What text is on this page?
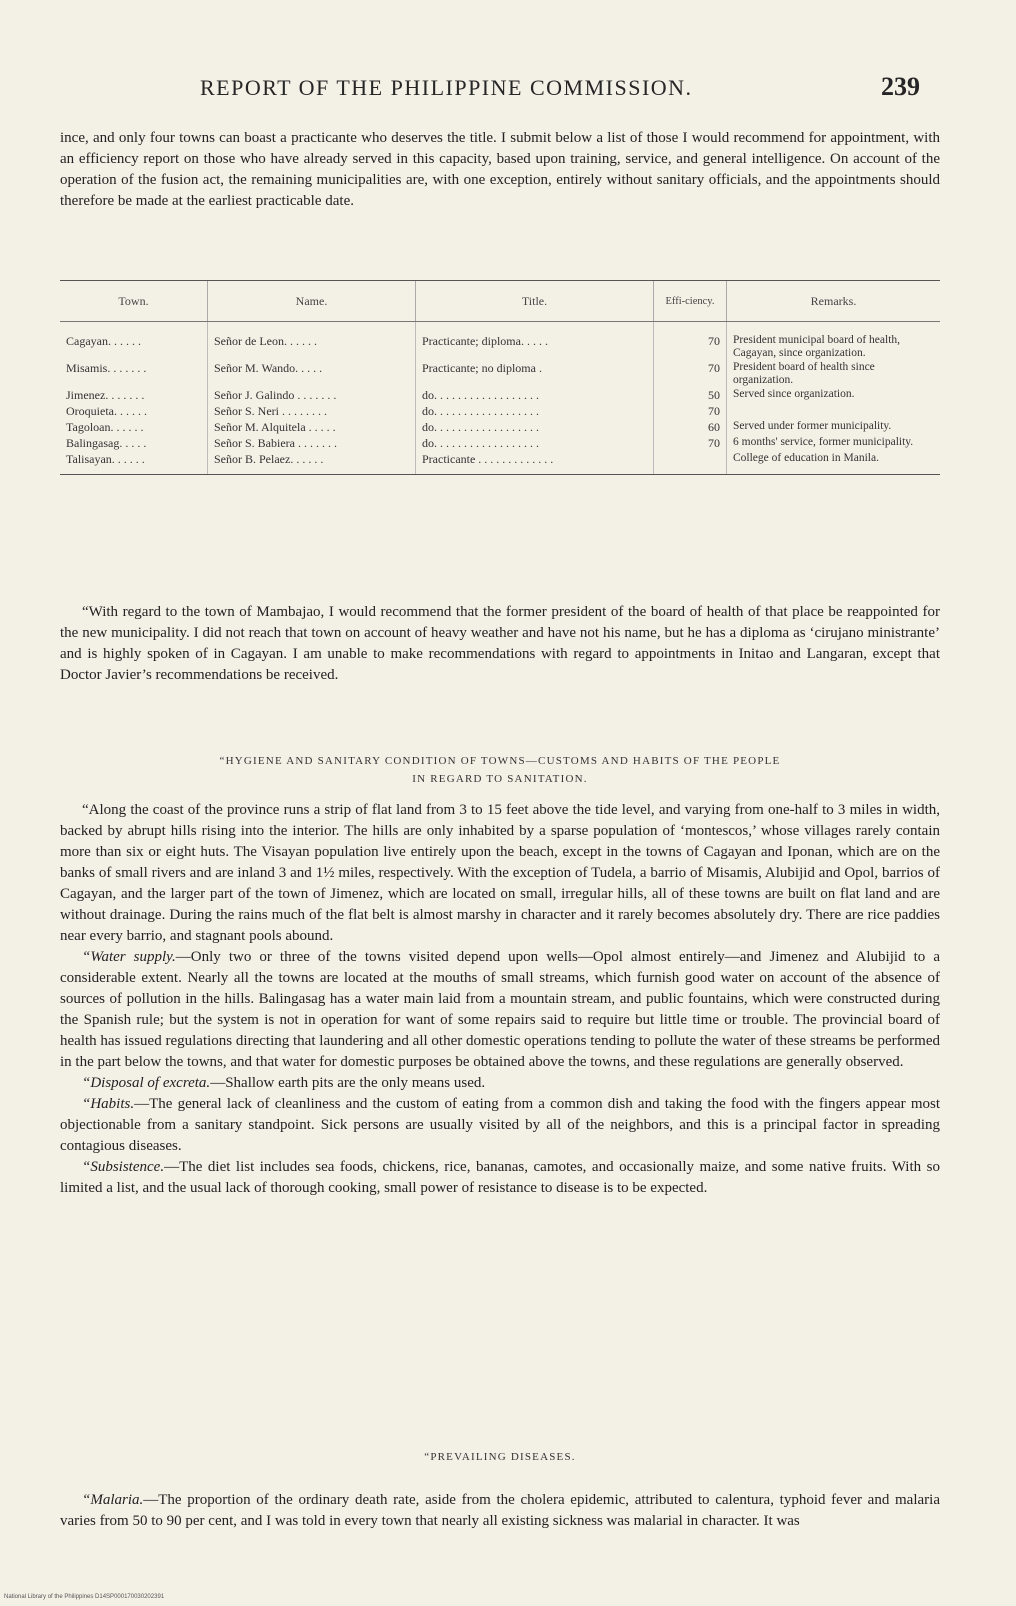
REPORT OF THE PHILIPPINE COMMISSION.	239

ince, and only four towns can boast a practicante who deserves the title. I submit below a list of those I would recommend for appointment, with an efficiency report on those who have already served in this capacity, based upon training, service, and general intelligence. On account of the operation of the fusion act, the remaining municipalities are, with one exception, entirely without sanitary officials, and the appointments should therefore be made at the earliest practicable date.

Town.	Name.	Title.	Effi-ciency.	Remarks.
Cagayan. . . . . .	Señor de Leon. . . . . .	Practicante; diploma. . . . .	70	President municipal board of health, Cagayan, since organization.
Misamis. . . . . . .	Señor M. Wando. . . . .	Practicante; no diploma .	70	President board of health since organization.
Jimenez. . . . . . .	Señor J. Galindo . . . . . . .	do. . . . . . . . . . . . . . . . . .	50	Served since organization.
Oroquieta. . . . . .	Señor S. Neri . . . . . . . .	do. . . . . . . . . . . . . . . . . .	70	
Tagoloan. . . . . .	Señor M. Alquitela . . . . .	do. . . . . . . . . . . . . . . . . .	60	Served under former municipality.
Balingasag. . . . .	Señor S. Babiera . . . . . . .	do. . . . . . . . . . . . . . . . . .	70	6 months' service, former municipality.
Talisayan. . . . . .	Señor B. Pelaez. . . . . .	Practicante . . . . . . . . . . . . .		College of education in Manila.

“With regard to the town of Mambajao, I would recommend that the former president of the board of health of that place be reappointed for the new municipality. I did not reach that town on account of heavy weather and have not his name, but he has a diploma as ‘cirujano ministrante’ and is highly spoken of in Cagayan. I am unable to make recommendations with regard to appointments in Initao and Langaran, except that Doctor Javier’s recommendations be received.

“HYGIENE AND SANITARY CONDITION OF TOWNS—CUSTOMS AND HABITS OF THE PEOPLE
IN REGARD TO SANITATION.

“Along the coast of the province runs a strip of flat land from 3 to 15 feet above the tide level, and varying from one-half to 3 miles in width, backed by abrupt hills rising into the interior. The hills are only inhabited by a sparse population of ‘montescos,’ whose villages rarely contain more than six or eight huts. The Visayan population live entirely upon the beach, except in the towns of Cagayan and Iponan, which are on the banks of small rivers and are inland 3 and 1½ miles, respectively. With the exception of Tudela, a barrio of Misamis, Alubijid and Opol, barrios of Cagayan, and the larger part of the town of Jimenez, which are located on small, irregular hills, all of these towns are built on flat land and are without drainage. During the rains much of the flat belt is almost marshy in character and it rarely becomes absolutely dry. There are rice paddies near every barrio, and stagnant pools abound.

“Water supply.—Only two or three of the towns visited depend upon wells—Opol almost entirely—and Jimenez and Alubijid to a considerable extent. Nearly all the towns are located at the mouths of small streams, which furnish good water on account of the absence of sources of pollution in the hills. Balingasag has a water main laid from a mountain stream, and public fountains, which were constructed during the Spanish rule; but the system is not in operation for want of some repairs said to require but little time or trouble. The provincial board of health has issued regulations directing that laundering and all other domestic operations tending to pollute the water of these streams be performed in the part below the towns, and that water for domestic purposes be obtained above the towns, and these regulations are generally observed.

“Disposal of excreta.—Shallow earth pits are the only means used.

“Habits.—The general lack of cleanliness and the custom of eating from a common dish and taking the food with the fingers appear most objectionable from a sanitary standpoint. Sick persons are usually visited by all of the neighbors, and this is a principal factor in spreading contagious diseases.

“Subsistence.—The diet list includes sea foods, chickens, rice, bananas, camotes, and occasionally maize, and some native fruits. With so limited a list, and the usual lack of thorough cooking, small power of resistance to disease is to be expected.

“PREVAILING DISEASES.

“Malaria.—The proportion of the ordinary death rate, aside from the cholera epidemic, attributed to calentura, typhoid fever and malaria varies from 50 to 90 per cent, and I was told in every town that nearly all existing sickness was malarial in character. It was

National Library of the Philippines D14SP000170030202391
